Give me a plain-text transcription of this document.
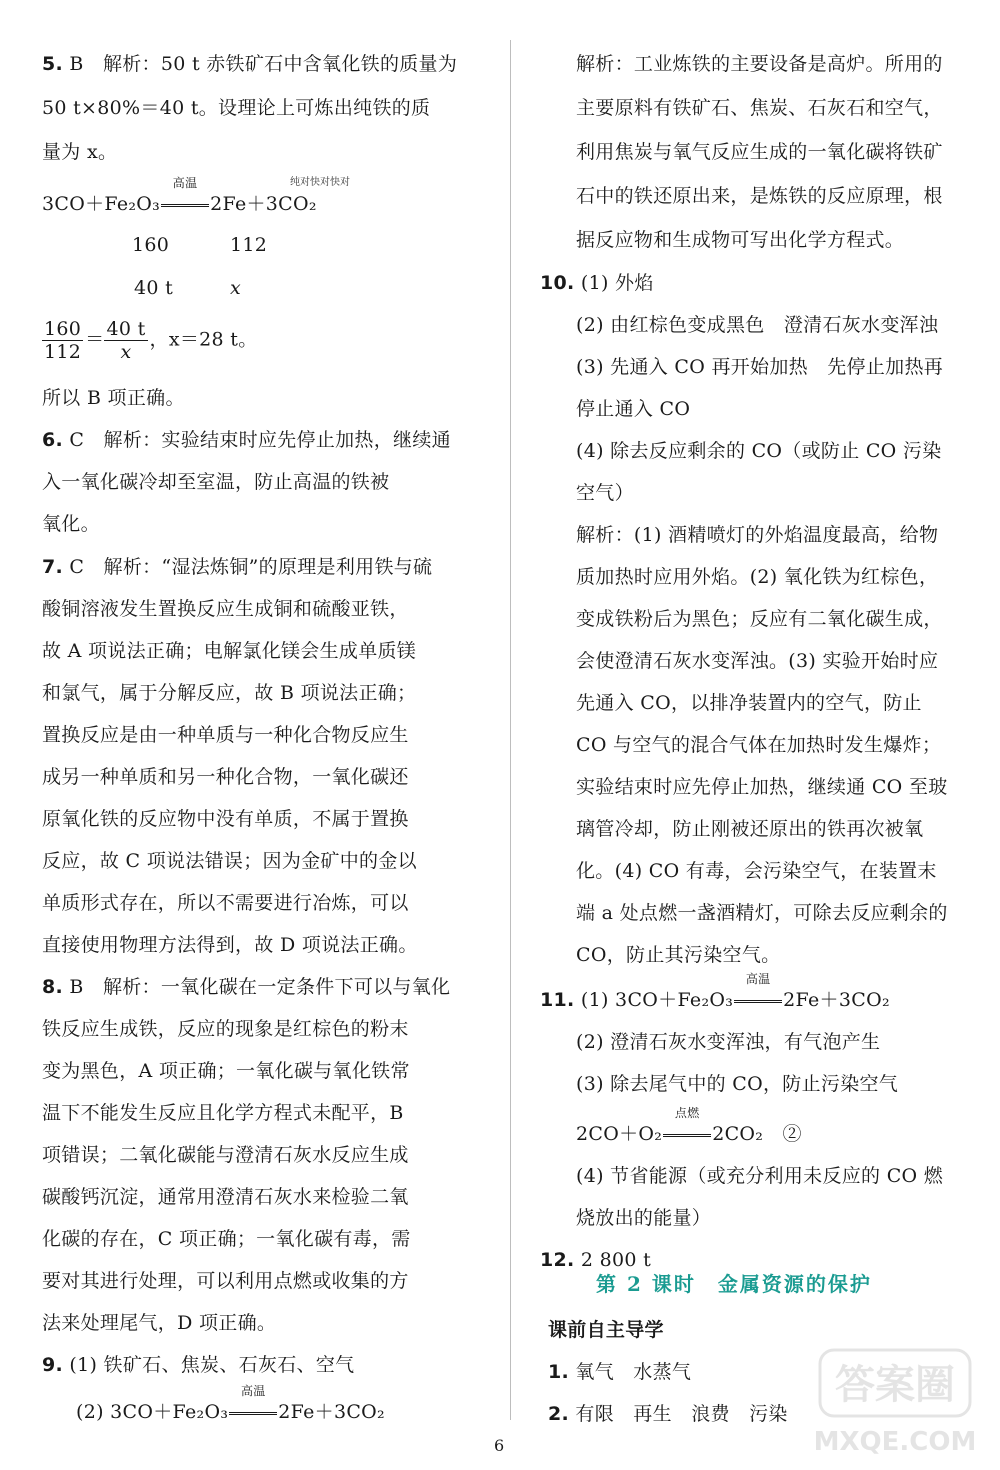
5. B　解析：50 t 赤铁矿石中含氧化铁的质量为
50 t×80%＝40 t。设理论上可炼出纯铁的质
量为 x。
3CO＋Fe₂O₃
高温
2Fe＋3CO₂
纯对快对快对
160	112
40 t	x
$\frac{160}{112} = \frac{40 t}{x}$ ，x＝28 t。
所以 B 项正确。
6. C　解析：实验结束时应先停止加热，继续通
入一氧化碳冷却至室温，防止高温的铁被
氧化。
7. C　解析：“湿法炼铜”的原理是利用铁与硫
酸铜溶液发生置换反应生成铜和硫酸亚铁，
故 A 项说法正确；电解氯化镁会生成单质镁
和氯气，属于分解反应，故 B 项说法正确；
置换反应是由一种单质与一种化合物反应生
成另一种单质和另一种化合物，一氧化碳还
原氧化铁的反应物中没有单质，不属于置换
反应，故 C 项说法错误；因为金矿中的金以
单质形式存在，所以不需要进行冶炼，可以
直接使用物理方法得到，故 D 项说法正确。
8. B　解析：一氧化碳在一定条件下可以与氧化
铁反应生成铁，反应的现象是红棕色的粉末
变为黑色，A 项正确；一氧化碳与氧化铁常
温下不能发生反应且化学方程式未配平，B
项错误；二氧化碳能与澄清石灰水反应生成
碳酸钙沉淀，通常用澄清石灰水来检验二氧
化碳的存在，C 项正确；一氧化碳有毒，需
要对其进行处理，可以利用点燃或收集的方
法来处理尾气，D 项正确。
9. (1) 铁矿石、焦炭、石灰石、空气
(2) 3CO＋Fe₂O₃
高温
2Fe＋3CO₂
解析：工业炼铁的主要设备是高炉。所用的
主要原料有铁矿石、焦炭、石灰石和空气，
利用焦炭与氧气反应生成的一氧化碳将铁矿
石中的铁还原出来，是炼铁的反应原理，根
据反应物和生成物可写出化学方程式。
10. (1) 外焰
(2) 由红棕色变成黑色　澄清石灰水变浑浊
(3) 先通入 CO 再开始加热　先停止加热再
停止通入 CO
(4) 除去反应剩余的 CO（或防止 CO 污染
空气）
解析：(1) 酒精喷灯的外焰温度最高，给物
质加热时应用外焰。(2) 氧化铁为红棕色，
变成铁粉后为黑色；反应有二氧化碳生成，
会使澄清石灰水变浑浊。(3) 实验开始时应
先通入 CO，以排净装置内的空气，防止
CO 与空气的混合气体在加热时发生爆炸；
实验结束时应先停止加热，继续通 CO 至玻
璃管冷却，防止刚被还原出的铁再次被氧
化。(4) CO 有毒，会污染空气，在装置末
端 a 处点燃一盏酒精灯，可除去反应剩余的
CO，防止其污染空气。
11. (1) 3CO＋Fe₂O₃
高温
2Fe＋3CO₂
(2) 澄清石灰水变浑浊，有气泡产生
(3) 除去尾气中的 CO，防止污染空气
2CO＋O₂
点燃
2CO₂　②
(4) 节省能源（或充分利用未反应的 CO 燃
烧放出的能量）
12. 2 800 t
第 2 课时 金属资源的保护
课前自主导学
1. 氧气　水蒸气
2. 有限　再生　浪费　污染
6
答案圈
MXQE.COM
